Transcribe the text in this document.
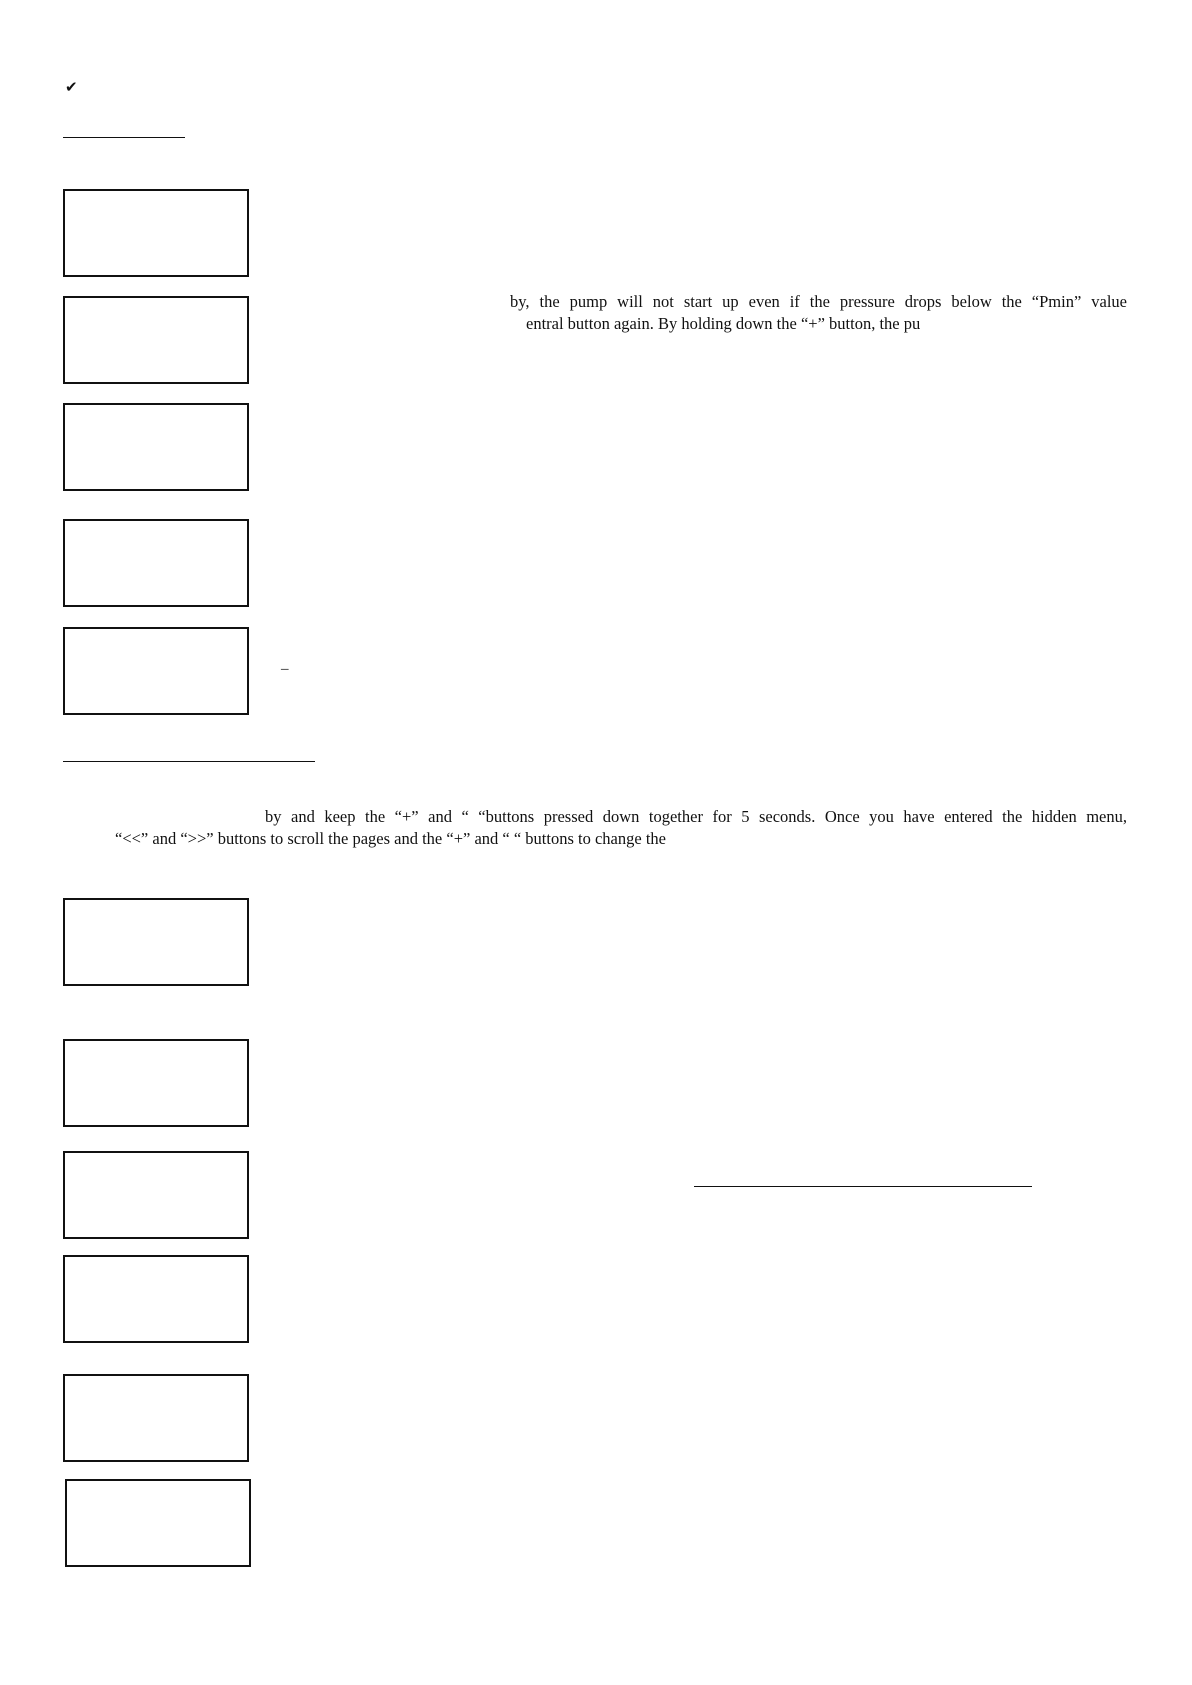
✔
by, the pump will not start up even if the pressure drops below the “Pmin” value
entral button again. By holding down the “+” button, the pu
–
by and keep the “+” and “ “buttons pressed down together for 5 seconds. Once you have entered the hidden menu,
“<<” and “>>” buttons to scroll the pages and the “+” and “ “ buttons to change the
